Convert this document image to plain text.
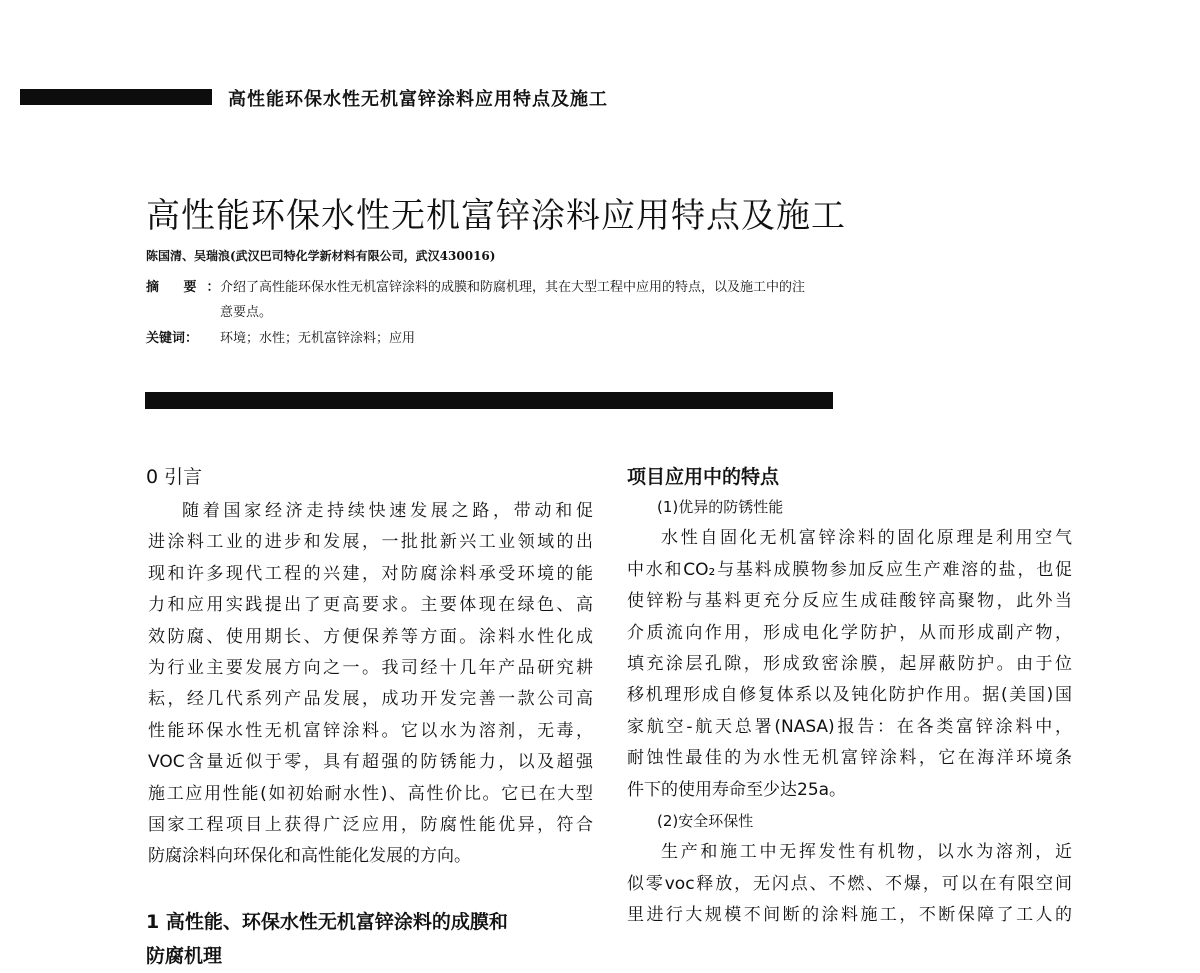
高性能环保水性无机富锌涂料应用特点及施工
高性能环保水性无机富锌涂料应用特点及施工
陈国清、吴瑞浪(武汉巴司特化学新材料有限公司，武汉430016)
摘 要：
介绍了高性能环保水性无机富锌涂料的成膜和防腐机理，其在大型工程中应用的特点，以及施工中的注
意要点。
关键词： 环境；水性；无机富锌涂料；应用
0 引言

随着国家经济走持续快速发展之路，带动和促

进涂料工业的进步和发展，一批批新兴工业领域的出

现和许多现代工程的兴建，对防腐涂料承受环境的能

力和应用实践提出了更高要求。主要体现在绿色、高

效防腐、使用期长、方便保养等方面。涂料水性化成

为行业主要发展方向之一。我司经十几年产品研究耕

耘，经几代系列产品发展，成功开发完善一款公司高

性能环保水性无机富锌涂料。它以水为溶剂，无毒，

VOC含量近似于零，具有超强的防锈能力，以及超强

施工应用性能(如初始耐水性)、高性价比。它已在大型

国家工程项目上获得广泛应用，防腐性能优异，符合

防腐涂料向环保化和高性能化发展的方向。

1 高性能、环保水性无机富锌涂料的成膜和
防腐机理
项目应用中的特点

(1)优异的防锈性能

水性自固化无机富锌涂料的固化原理是利用空气

中水和CO₂与基料成膜物参加反应生产难溶的盐，也促

使锌粉与基料更充分反应生成硅酸锌高聚物，此外当

介质流向作用，形成电化学防护，从而形成副产物，

填充涂层孔隙，形成致密涂膜，起屏蔽防护。由于位

移机理形成自修复体系以及钝化防护作用。据(美国)国

家航空-航天总署(NASA)报告：在各类富锌涂料中，

耐蚀性最佳的为水性无机富锌涂料，它在海洋环境条

件下的使用寿命至少达25a。

(2)安全环保性

生产和施工中无挥发性有机物，以水为溶剂，近

似零voc释放，无闪点、不燃、不爆，可以在有限空间

里进行大规模不间断的涂料施工，不断保障了工人的
